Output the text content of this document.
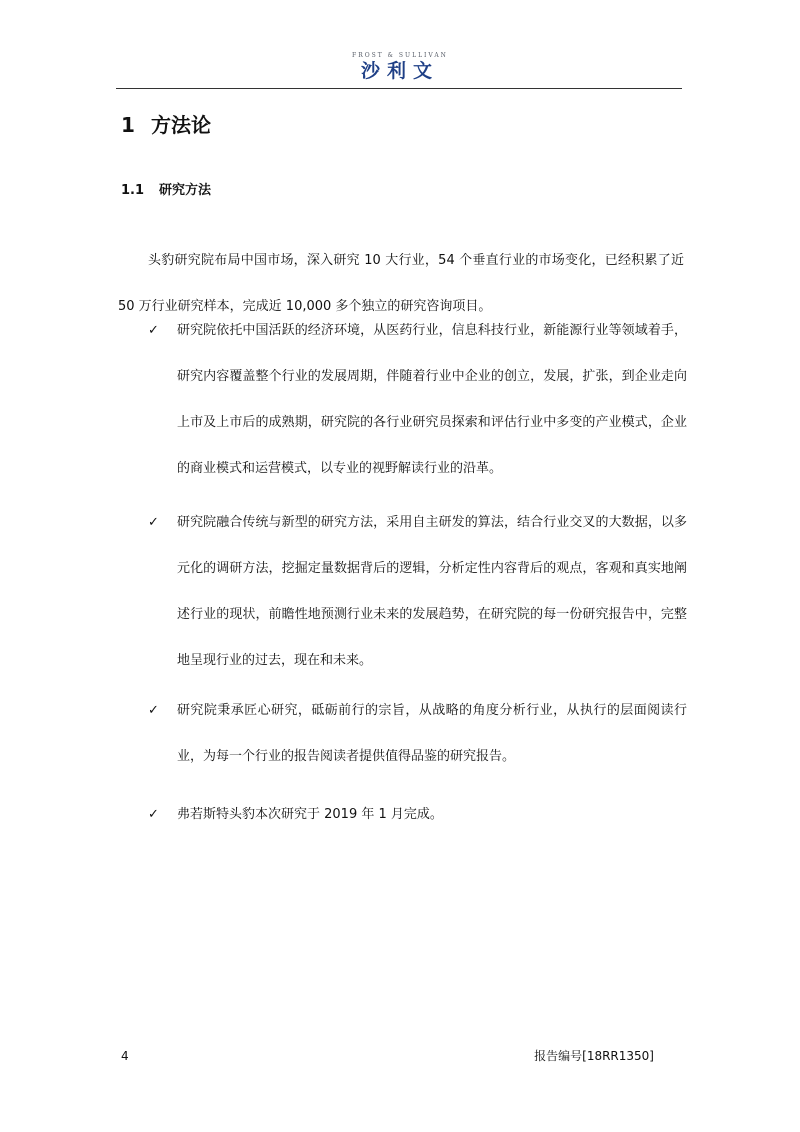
FROST & SULLIVAN
沙利文
1 方法论
1.1 研究方法
头豹研究院布局中国市场，深入研究 10 大行业，54 个垂直行业的市场变化，已经积累了近 50 万行业研究样本，完成近 10,000 多个独立的研究咨询项目。
✓ 研究院依托中国活跃的经济环境，从医药行业，信息科技行业，新能源行业等领域着手，研究内容覆盖整个行业的发展周期，伴随着行业中企业的创立，发展，扩张，到企业走向上市及上市后的成熟期，研究院的各行业研究员探索和评估行业中多变的产业模式，企业的商业模式和运营模式，以专业的视野解读行业的沿革。
✓ 研究院融合传统与新型的研究方法，采用自主研发的算法，结合行业交叉的大数据，以多元化的调研方法，挖掘定量数据背后的逻辑，分析定性内容背后的观点，客观和真实地阐述行业的现状，前瞻性地预测行业未来的发展趋势，在研究院的每一份研究报告中，完整地呈现行业的过去，现在和未来。
✓ 研究院秉承匠心研究，砥砺前行的宗旨，从战略的角度分析行业，从执行的层面阅读行业，为每一个行业的报告阅读者提供值得品鉴的研究报告。
✓ 弗若斯特头豹本次研究于 2019 年 1 月完成。
4	报告编号[18RR1350]
